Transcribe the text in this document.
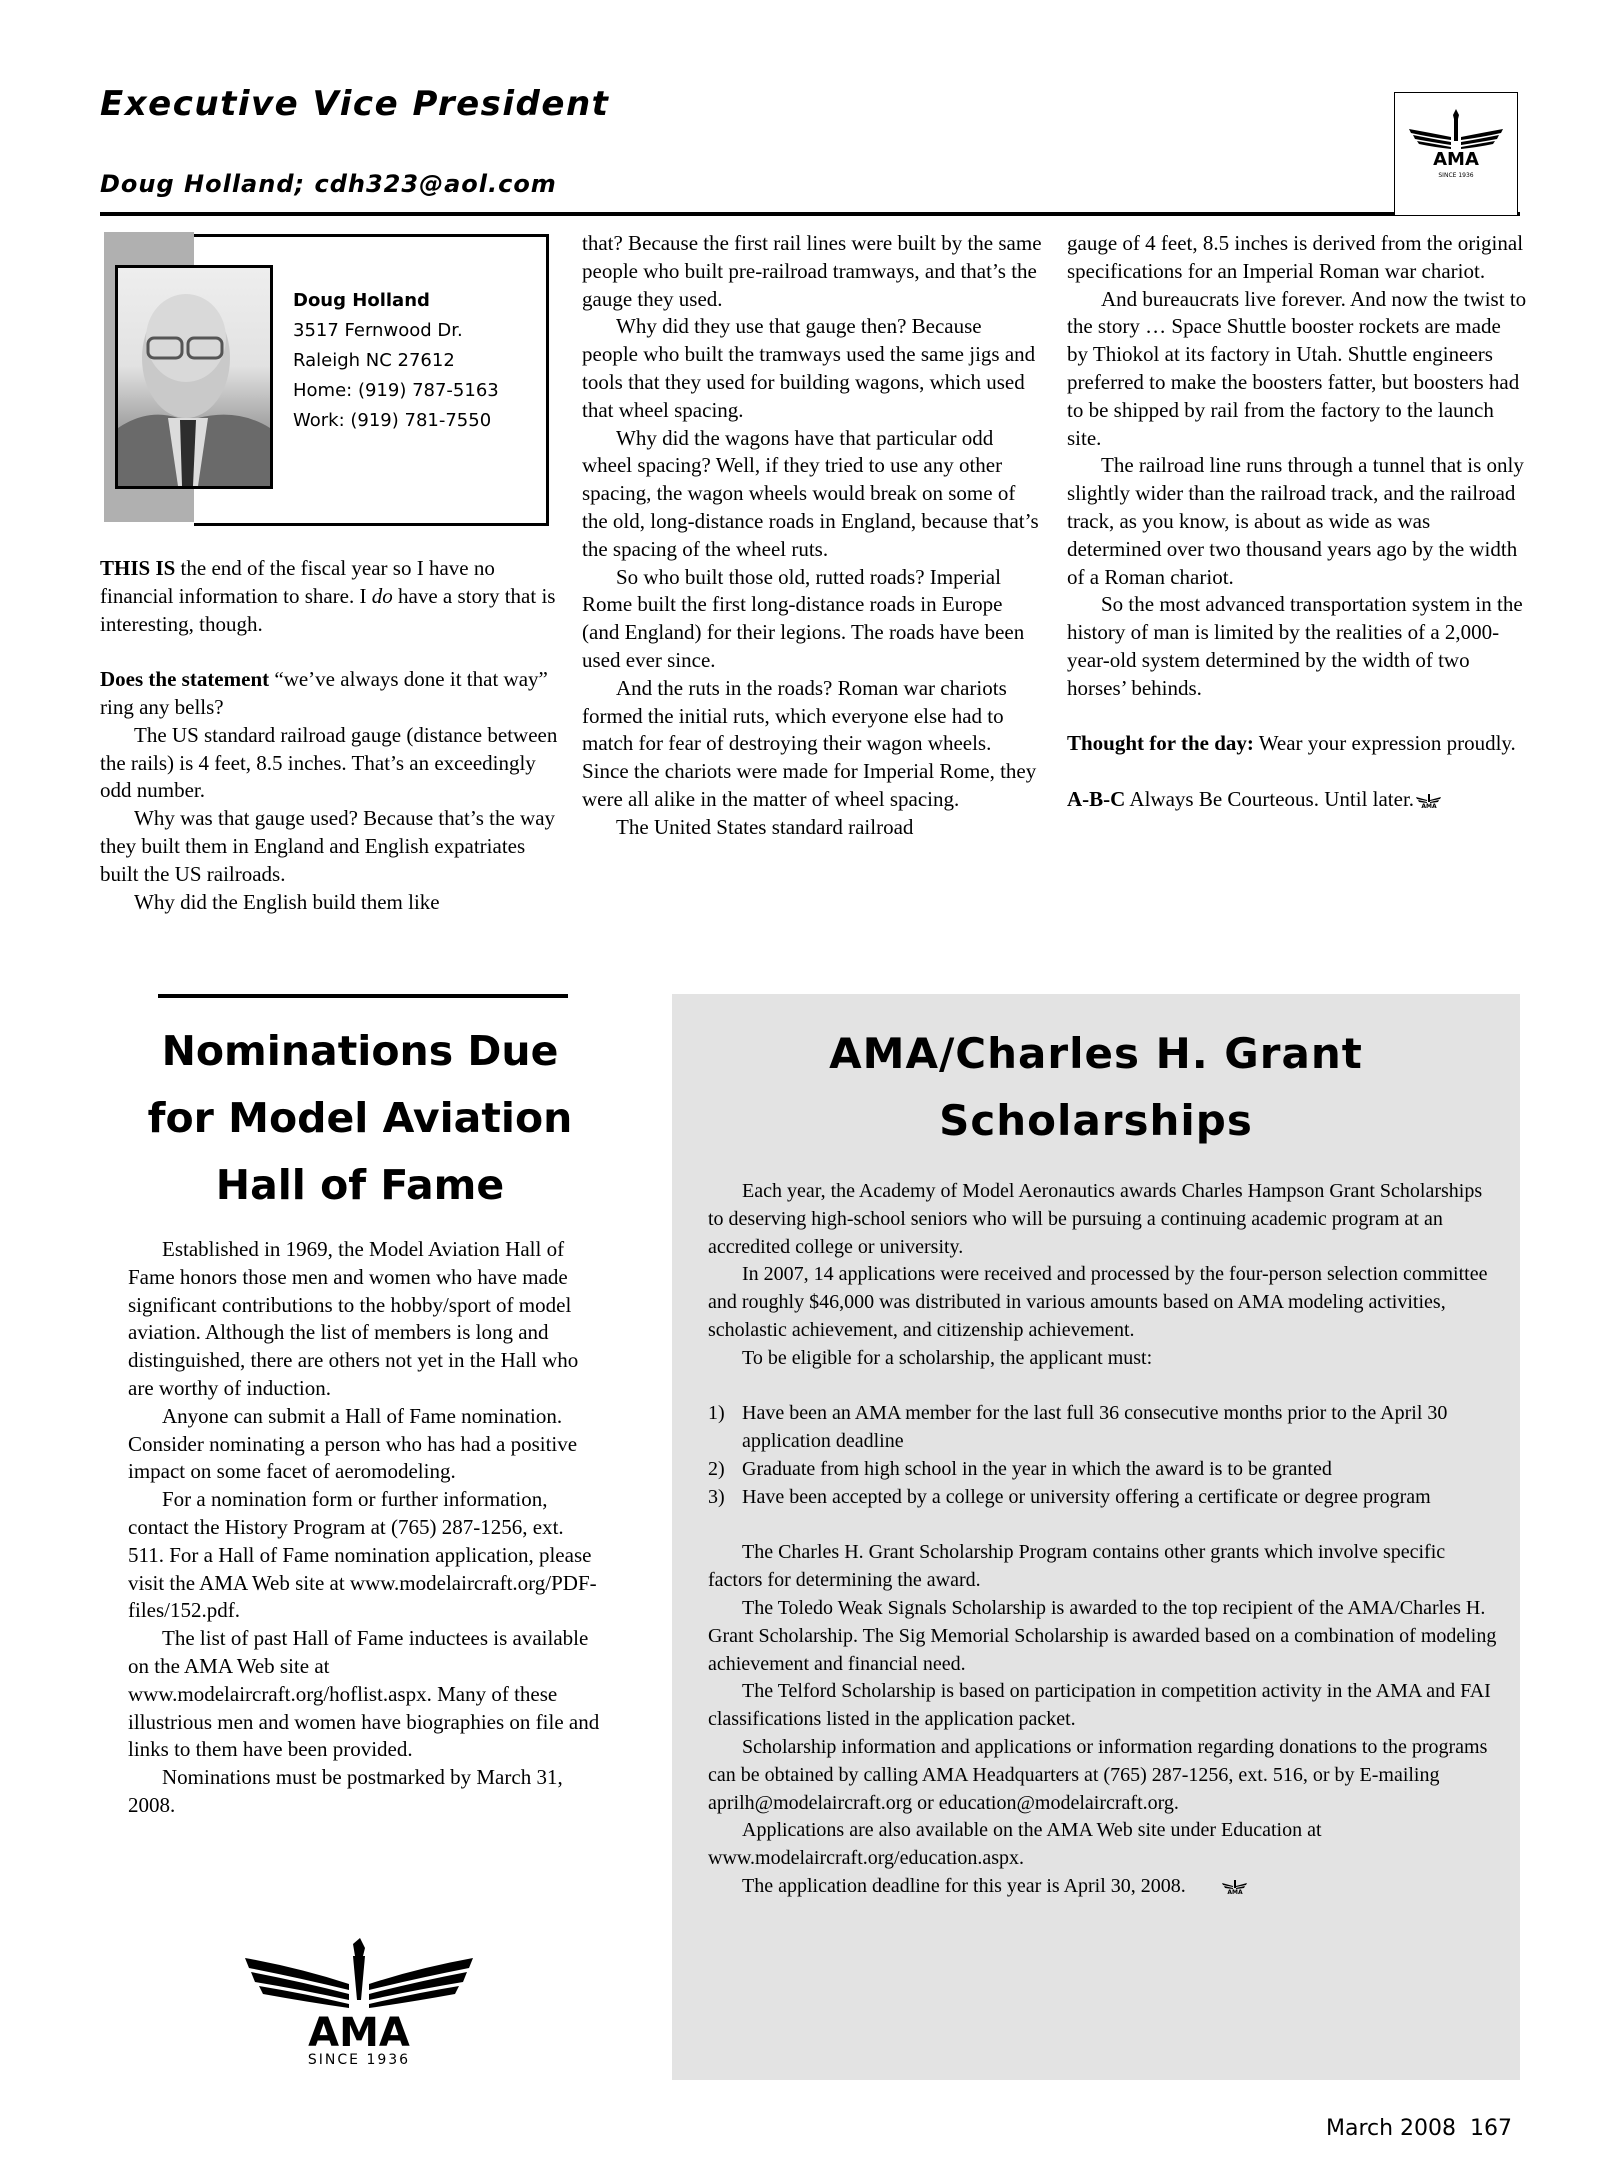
Executive Vice President
Doug Holland; cdh323@aol.com
AMA
SINCE 1936
Doug Holland
3517 Fernwood Dr.
Raleigh NC 27612
Home: (919) 787-5163
Work: (919) 781-7550

THIS IS the end of the fiscal year so I have no financial information to share. I do have a story that is interesting, though.

Does the statement “we’ve always done it that way” ring any bells?

The US standard railroad gauge (distance between the rails) is 4 feet, 8.5 inches. That’s an exceedingly odd number.

Why was that gauge used? Because that’s the way they built them in England and English expatriates built the US railroads.

Why did the English build them like

that? Because the first rail lines were built by the same people who built pre-railroad tramways, and that’s the gauge they used.

Why did they use that gauge then? Because people who built the tramways used the same jigs and tools that they used for building wagons, which used that wheel spacing.

Why did the wagons have that particular odd wheel spacing? Well, if they tried to use any other spacing, the wagon wheels would break on some of the old, long-distance roads in England, because that’s the spacing of the wheel ruts.

So who built those old, rutted roads? Imperial Rome built the first long-distance roads in Europe (and England) for their legions. The roads have been used ever since.

And the ruts in the roads? Roman war chariots formed the initial ruts, which everyone else had to match for fear of destroying their wagon wheels. Since the chariots were made for Imperial Rome, they were all alike in the matter of wheel spacing.

The United States standard railroad

gauge of 4 feet, 8.5 inches is derived from the original specifications for an Imperial Roman war chariot.

And bureaucrats live forever. And now the twist to the story … Space Shuttle booster rockets are made by Thiokol at its factory in Utah. Shuttle engineers preferred to make the boosters fatter, but boosters had to be shipped by rail from the factory to the launch site.

The railroad line runs through a tunnel that is only slightly wider than the railroad track, and the railroad track, as you know, is about as wide as was determined over two thousand years ago by the width of a Roman chariot.

So the most advanced transportation system in the history of man is limited by the realities of a 2,000-year-old system determined by the width of two horses’ behinds.

Thought for the day: Wear your expression proudly.

A-B-C Always Be Courteous. Until later. AMA

Nominations Due
for Model Aviation
Hall of Fame

Established in 1969, the Model Aviation Hall of Fame honors those men and women who have made significant contributions to the hobby/sport of model aviation. Although the list of members is long and distinguished, there are others not yet in the Hall who are worthy of induction.

Anyone can submit a Hall of Fame nomination. Consider nominating a person who has had a positive impact on some facet of aeromodeling.

For a nomination form or further information, contact the History Program at (765) 287-1256, ext. 511. For a Hall of Fame nomination application, please visit the AMA Web site at www.modelaircraft.org/PDF-files/152.pdf.

The list of past Hall of Fame inductees is available on the AMA Web site at www.modelaircraft.org/hoflist.aspx. Many of these illustrious men and women have biographies on file and links to them have been provided.

Nominations must be postmarked by March 31, 2008.

AMA
SINCE 1936
AMA/Charles H. Grant
Scholarships

Each year, the Academy of Model Aeronautics awards Charles Hampson Grant Scholarships to deserving high-school seniors who will be pursuing a continuing academic program at an accredited college or university.

In 2007, 14 applications were received and processed by the four-person selection committee and roughly $46,000 was distributed in various amounts based on AMA modeling activities, scholastic achievement, and citizenship achievement.

To be eligible for a scholarship, the applicant must:

1) Have been an AMA member for the last full 36 consecutive months prior to the April 30 application deadline
2) Graduate from high school in the year in which the award is to be granted
3) Have been accepted by a college or university offering a certificate or degree program

The Charles H. Grant Scholarship Program contains other grants which involve specific factors for determining the award.

The Toledo Weak Signals Scholarship is awarded to the top recipient of the AMA/Charles H. Grant Scholarship. The Sig Memorial Scholarship is awarded based on a combination of modeling achievement and financial need.

The Telford Scholarship is based on participation in competition activity in the AMA and FAI classifications listed in the application packet.

Scholarship information and applications or information regarding donations to the programs can be obtained by calling AMA Headquarters at (765) 287-1256, ext. 516, or by E-mailing aprilh@modelaircraft.org or education@modelaircraft.org.

Applications are also available on the AMA Web site under Education at www.modelaircraft.org/education.aspx.

The application deadline for this year is April 30, 2008.	AMA

March 2008 167
